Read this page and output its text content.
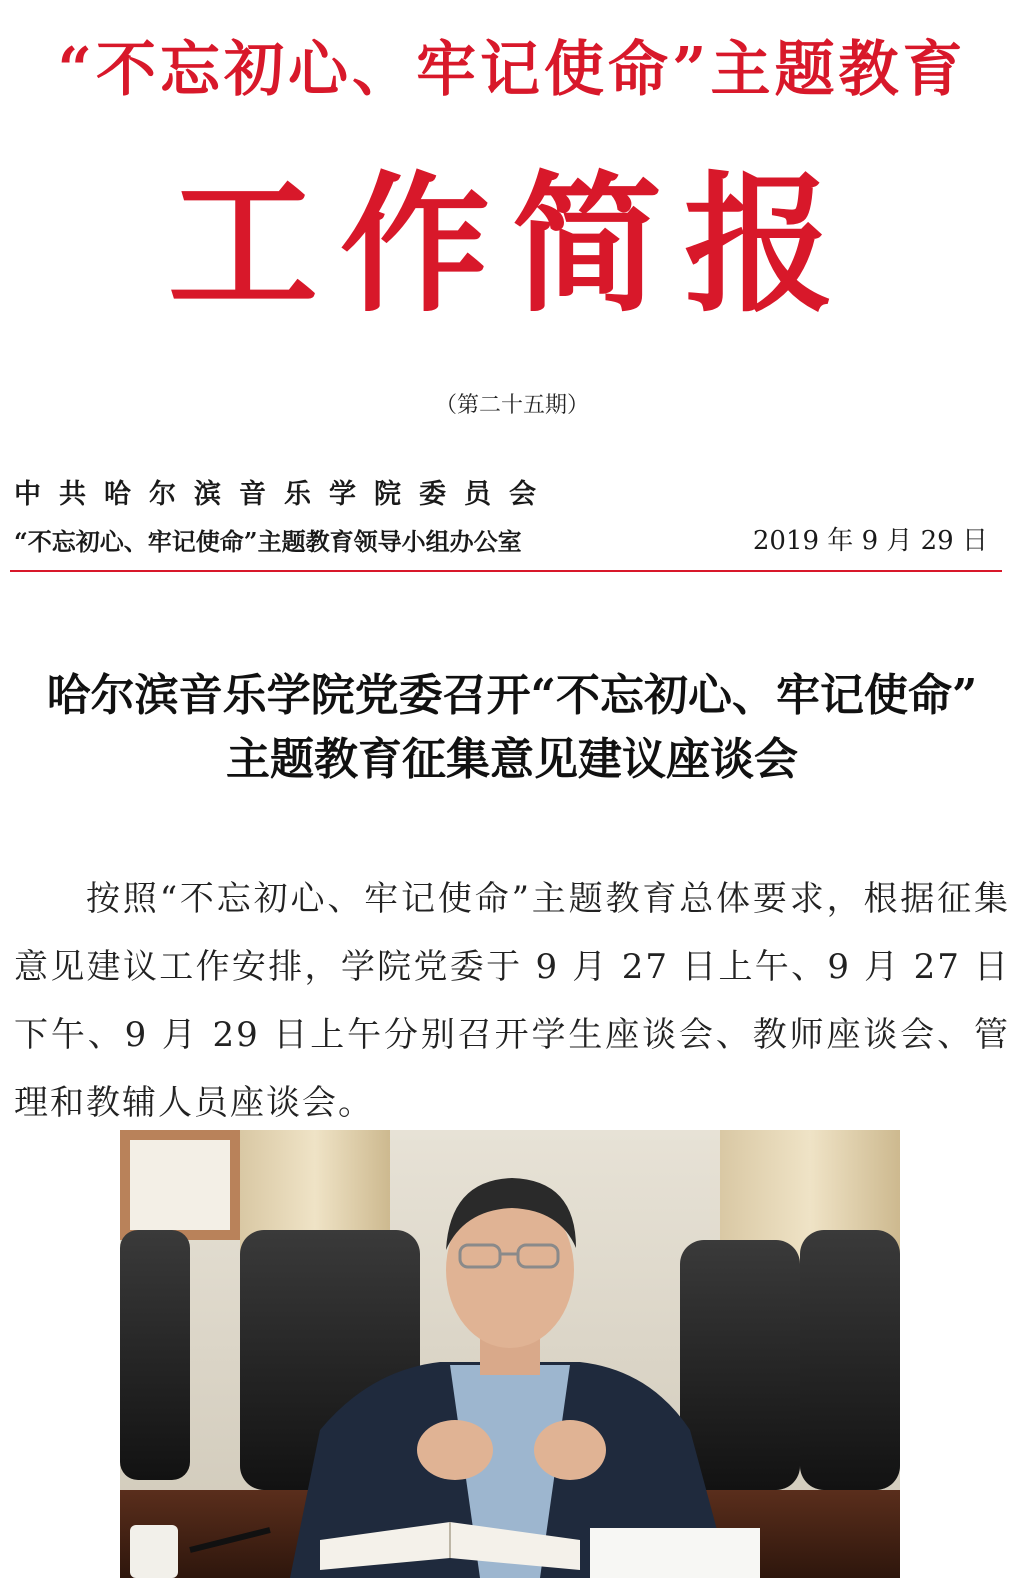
“不忘初心、牢记使命”主题教育
工作简报
（第二十五期）
中共哈尔滨音乐学院委员会
“不忘初心、牢记使命”主题教育领导小组办公室	2019 年 9 月 29 日
哈尔滨音乐学院党委召开“不忘初心、牢记使命”
主题教育征集意见建议座谈会
按照“不忘初心、牢记使命”主题教育总体要求，根据征集意见建议工作安排，学院党委于 9 月 27 日上午、9 月 27 日下午、9 月 29 日上午分别召开学生座谈会、教师座谈会、管理和教辅人员座谈会。
